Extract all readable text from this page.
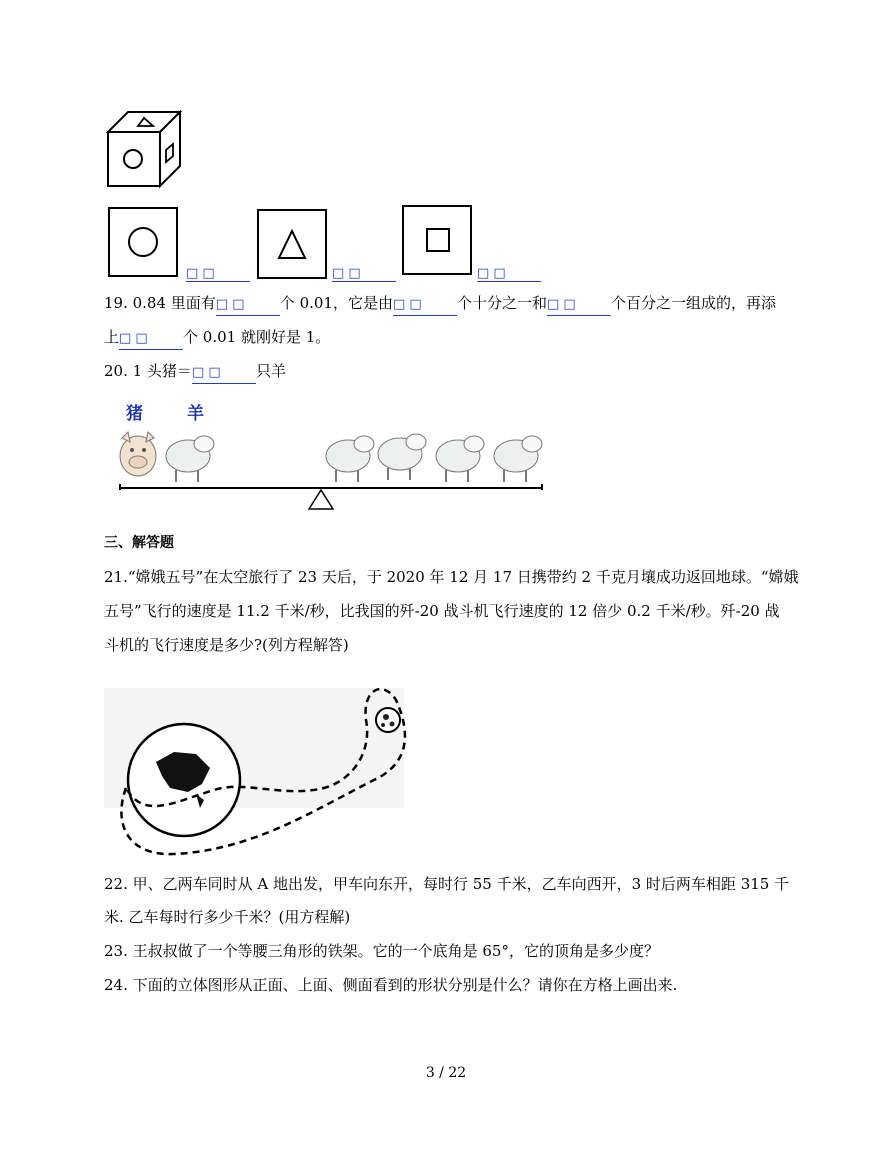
□ □	□ □	□ □
19. 0.84 里面有□ □ 个 0.01，它是由□ □ 个十分之一和□ □ 个百分之一组成的，再添
上□ □ 个 0.01 就刚好是 1。
20. 1 头猪＝□ □ 只羊
猪	羊
三、解答题
21.“嫦娥五号”在太空旅行了 23 天后，于 2020 年 12 月 17 日携带约 2 千克月壤成功返回地球。“嫦娥
五号”飞行的速度是 11.2 千米/秒，比我国的歼-20 战斗机飞行速度的 12 倍少 0.2 千米/秒。歼-20 战
斗机的飞行速度是多少?(列方程解答)
22. 甲、乙两车同时从 A 地出发，甲车向东开，每时行 55 千米，乙车向西开，3 时后两车相距 315 千
米. 乙车每时行多少千米？(用方程解)
23. 王叔叔做了一个等腰三角形的铁架。它的一个底角是 65°，它的顶角是多少度？
24. 下面的立体图形从正面、上面、侧面看到的形状分别是什么？请你在方格上画出来.
3 / 22
